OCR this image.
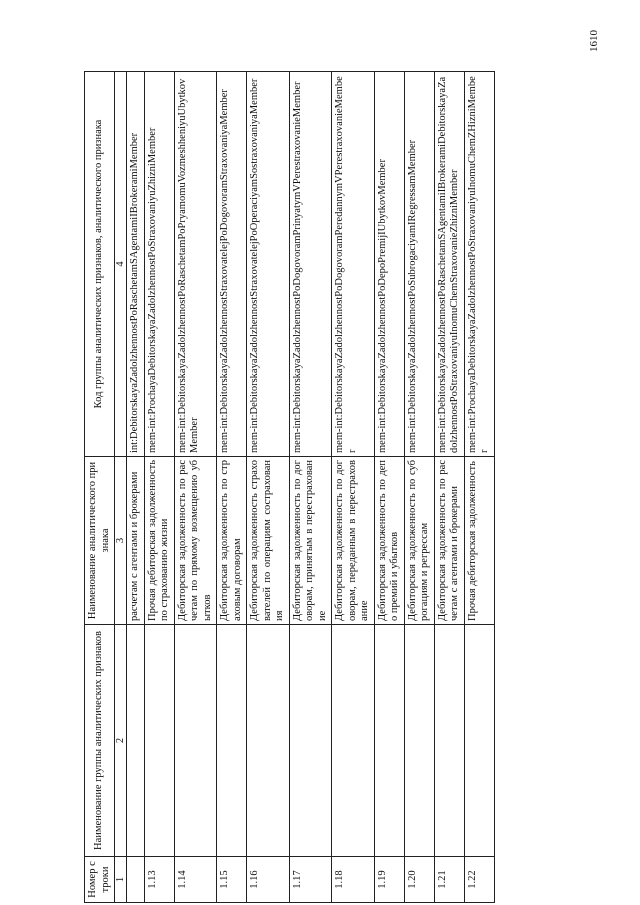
1610
Номер строки	Наименование группы аналитических признаков	Наименование аналитического признака	Код группы аналитических признаков, аналитического признака
1	2	3	4
		расчетам с агентами и брокерами	int:DebitorskayaZadolzhennostPoRaschetamSAgentamiIBrokeramiMember
1.13		Прочая дебиторская задолженность по страхованию жизни	mem-int:ProchayaDebitorskayaZadolzhennostPoStraxovaniyuZhizniMember
1.14		Дебиторская задолженность по расчетам по прямому возмещению убытков	mem-int:DebitorskayaZadolzhennostPoRaschetamPoPryamomuVozmeshheniyuUbytkovMember
1.15		Дебиторская задолженность по страховым договорам	mem-int:DebitorskayaZadolzhennostStraxovatelejPoDogovoramStraxovaniyaMember
1.16		Дебиторская задолженность страхователей по операциям сострахования	mem-int:DebitorskayaZadolzhennostStraxovatelejPoOperaciyamSostraxovaniyaMember
1.17		Дебиторская задолженность по договорам, принятым в перестрахование	mem-int:DebitorskayaZadolzhennostPoDogovoramPrinyatymVPerestraxovanieMember
1.18		Дебиторская задолженность по договорам, переданным в перестрахование	mem-int:DebitorskayaZadolzhennostPoDogovoramPeredannymVPerestraxovanieMember
1.19		Дебиторская задолженность по депо премий и убытков	mem-int:DebitorskayaZadolzhennostPoDepoPremijIUbytkovMember
1.20		Дебиторская задолженность по суброгациям и регрессам	mem-int:DebitorskayaZadolzhennostPoSubrogaciyamIRegressamMember
1.21		Дебиторская задолженность по расчетам с агентами и брокерами	mem-int:DebitorskayaZadolzhennostPoRaschetamSAgentamiIBrokeramiDebitorskayaZadolzhennostPoStraxovaniyuInomuChemStraxovanieZhizniMember
1.22		Прочая дебиторская задолженность	mem-int:ProchayaDebitorskayaZadolzhennostPoStraxovaniyuInomuChemZHizniMember
